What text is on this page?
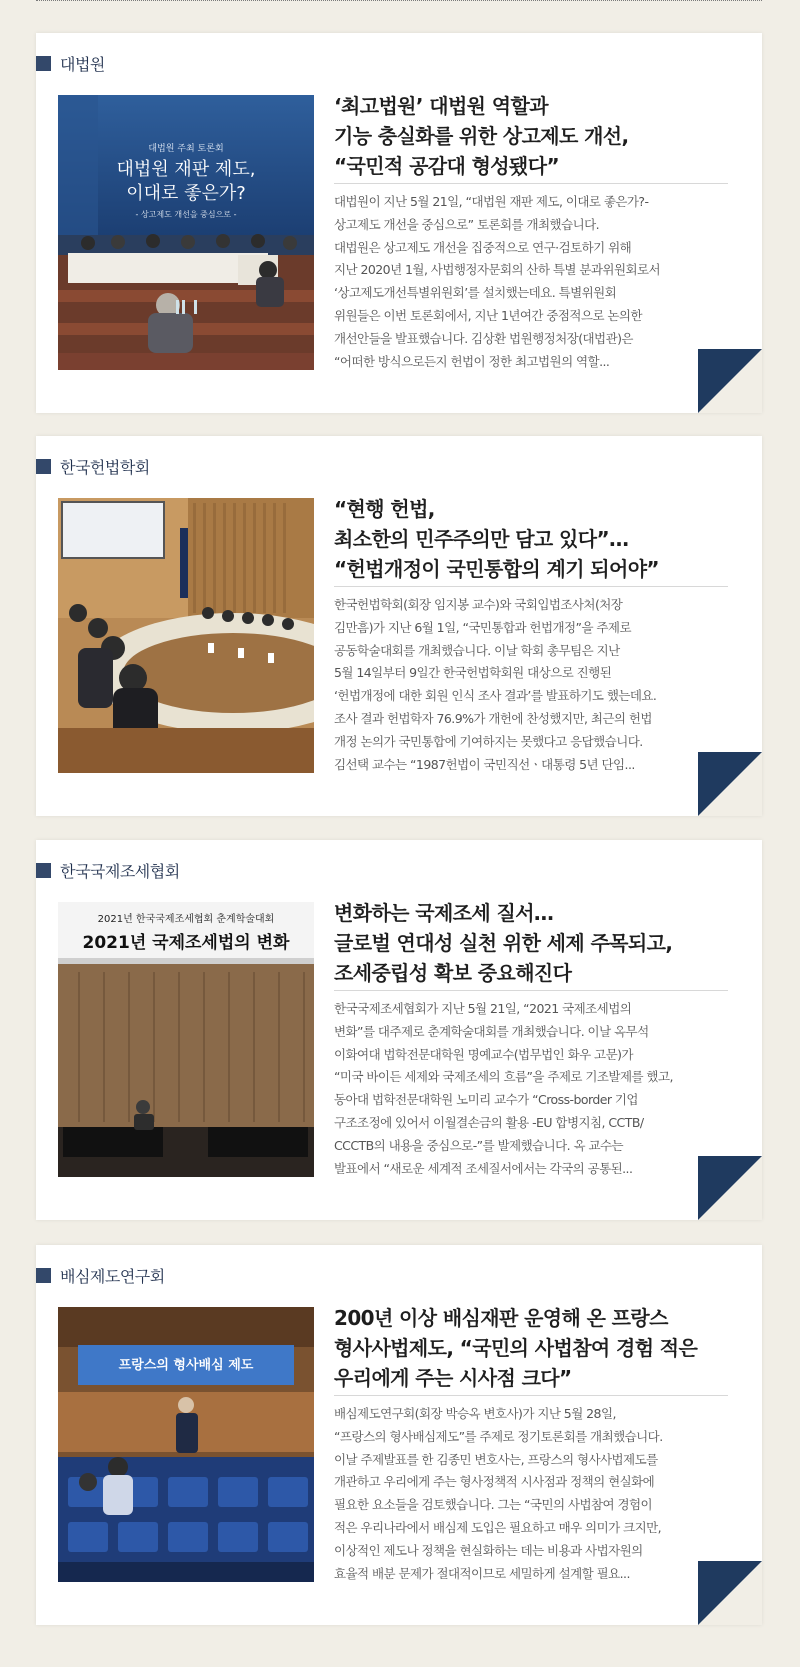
대법원
대법원 주최 토론회
대법원 재판 제도,
이대로 좋은가?
- 상고제도 개선을 중심으로 -
‘최고법원’ 대법원 역할과
기능 충실화를 위한 상고제도 개선,
“국민적 공감대 형성됐다”
대법원이 지난 5월 21일, “대법원 재판 제도, 이대로 좋은가?-
상고제도 개선을 중심으로” 토론회를 개최했습니다.
대법원은 상고제도 개선을 집중적으로 연구·검토하기 위해
지난 2020년 1월, 사법행정자문회의 산하 특별 분과위원회로서
‘상고제도개선특별위원회’를 설치했는데요. 특별위원회
위원들은 이번 토론회에서, 지난 1년여간 중점적으로 논의한
개선안들을 발표했습니다. 김상환 법원행정처장(대법관)은
“어떠한 방식으로든지 헌법이 정한 최고법원의 역할...
한국헌법학회
“현행 헌법,
최소한의 민주주의만 담고 있다”…
“헌법개정이 국민통합의 계기 되어야”
한국헌법학회(회장 임지봉 교수)와 국회입법조사처(처장
김만흠)가 지난 6월 1일, “국민통합과 헌법개정”을 주제로
공동학술대회를 개최했습니다. 이날 학회 총무팀은 지난
5월 14일부터 9일간 한국헌법학회원 대상으로 진행된
‘헌법개정에 대한 회원 인식 조사 결과’를 발표하기도 했는데요.
조사 결과 헌법학자 76.9%가 개헌에 찬성했지만, 최근의 헌법
개정 논의가 국민통합에 기여하지는 못했다고 응답했습니다.
김선택 교수는 “1987헌법이 국민직선ㆍ대통령 5년 단임...
한국국제조세협회
2021년 한국국제조세협회 춘계학술대회
2021년 국제조세법의 변화
변화하는 국제조세 질서…
글로벌 연대성 실천 위한 세제 주목되고,
조세중립성 확보 중요해진다
한국국제조세협회가 지난 5월 21일, “2021 국제조세법의
변화”를 대주제로 춘계학술대회를 개최했습니다. 이날 옥무석
이화여대 법학전문대학원 명예교수(법무법인 화우 고문)가
“미국 바이든 세제와 국제조세의 흐름”을 주제로 기조발제를 했고,
동아대 법학전문대학원 노미리 교수가 “Cross-border 기업
구조조정에 있어서 이월결손금의 활용 -EU 합병지침, CCTB/
CCCTB의 내용을 중심으로-”를 발제했습니다. 옥 교수는
발표에서 “새로운 세계적 조세질서에서는 각국의 공통된...
배심제도연구회
프랑스의 형사배심 제도
200년 이상 배심재판 운영해 온 프랑스
형사사법제도, “국민의 사법참여 경험 적은
우리에게 주는 시사점 크다”
배심제도연구회(회장 박승옥 변호사)가 지난 5월 28일,
“프랑스의 형사배심제도”를 주제로 정기토론회를 개최했습니다.
이날 주제발표를 한 김종민 변호사는, 프랑스의 형사사법제도를
개관하고 우리에게 주는 형사정책적 시사점과 정책의 현실화에
필요한 요소들을 검토했습니다. 그는 “국민의 사법참여 경험이
적은 우리나라에서 배심제 도입은 필요하고 매우 의미가 크지만,
이상적인 제도나 정책을 현실화하는 데는 비용과 사법자원의
효율적 배분 문제가 절대적이므로 세밀하게 설계할 필요...
